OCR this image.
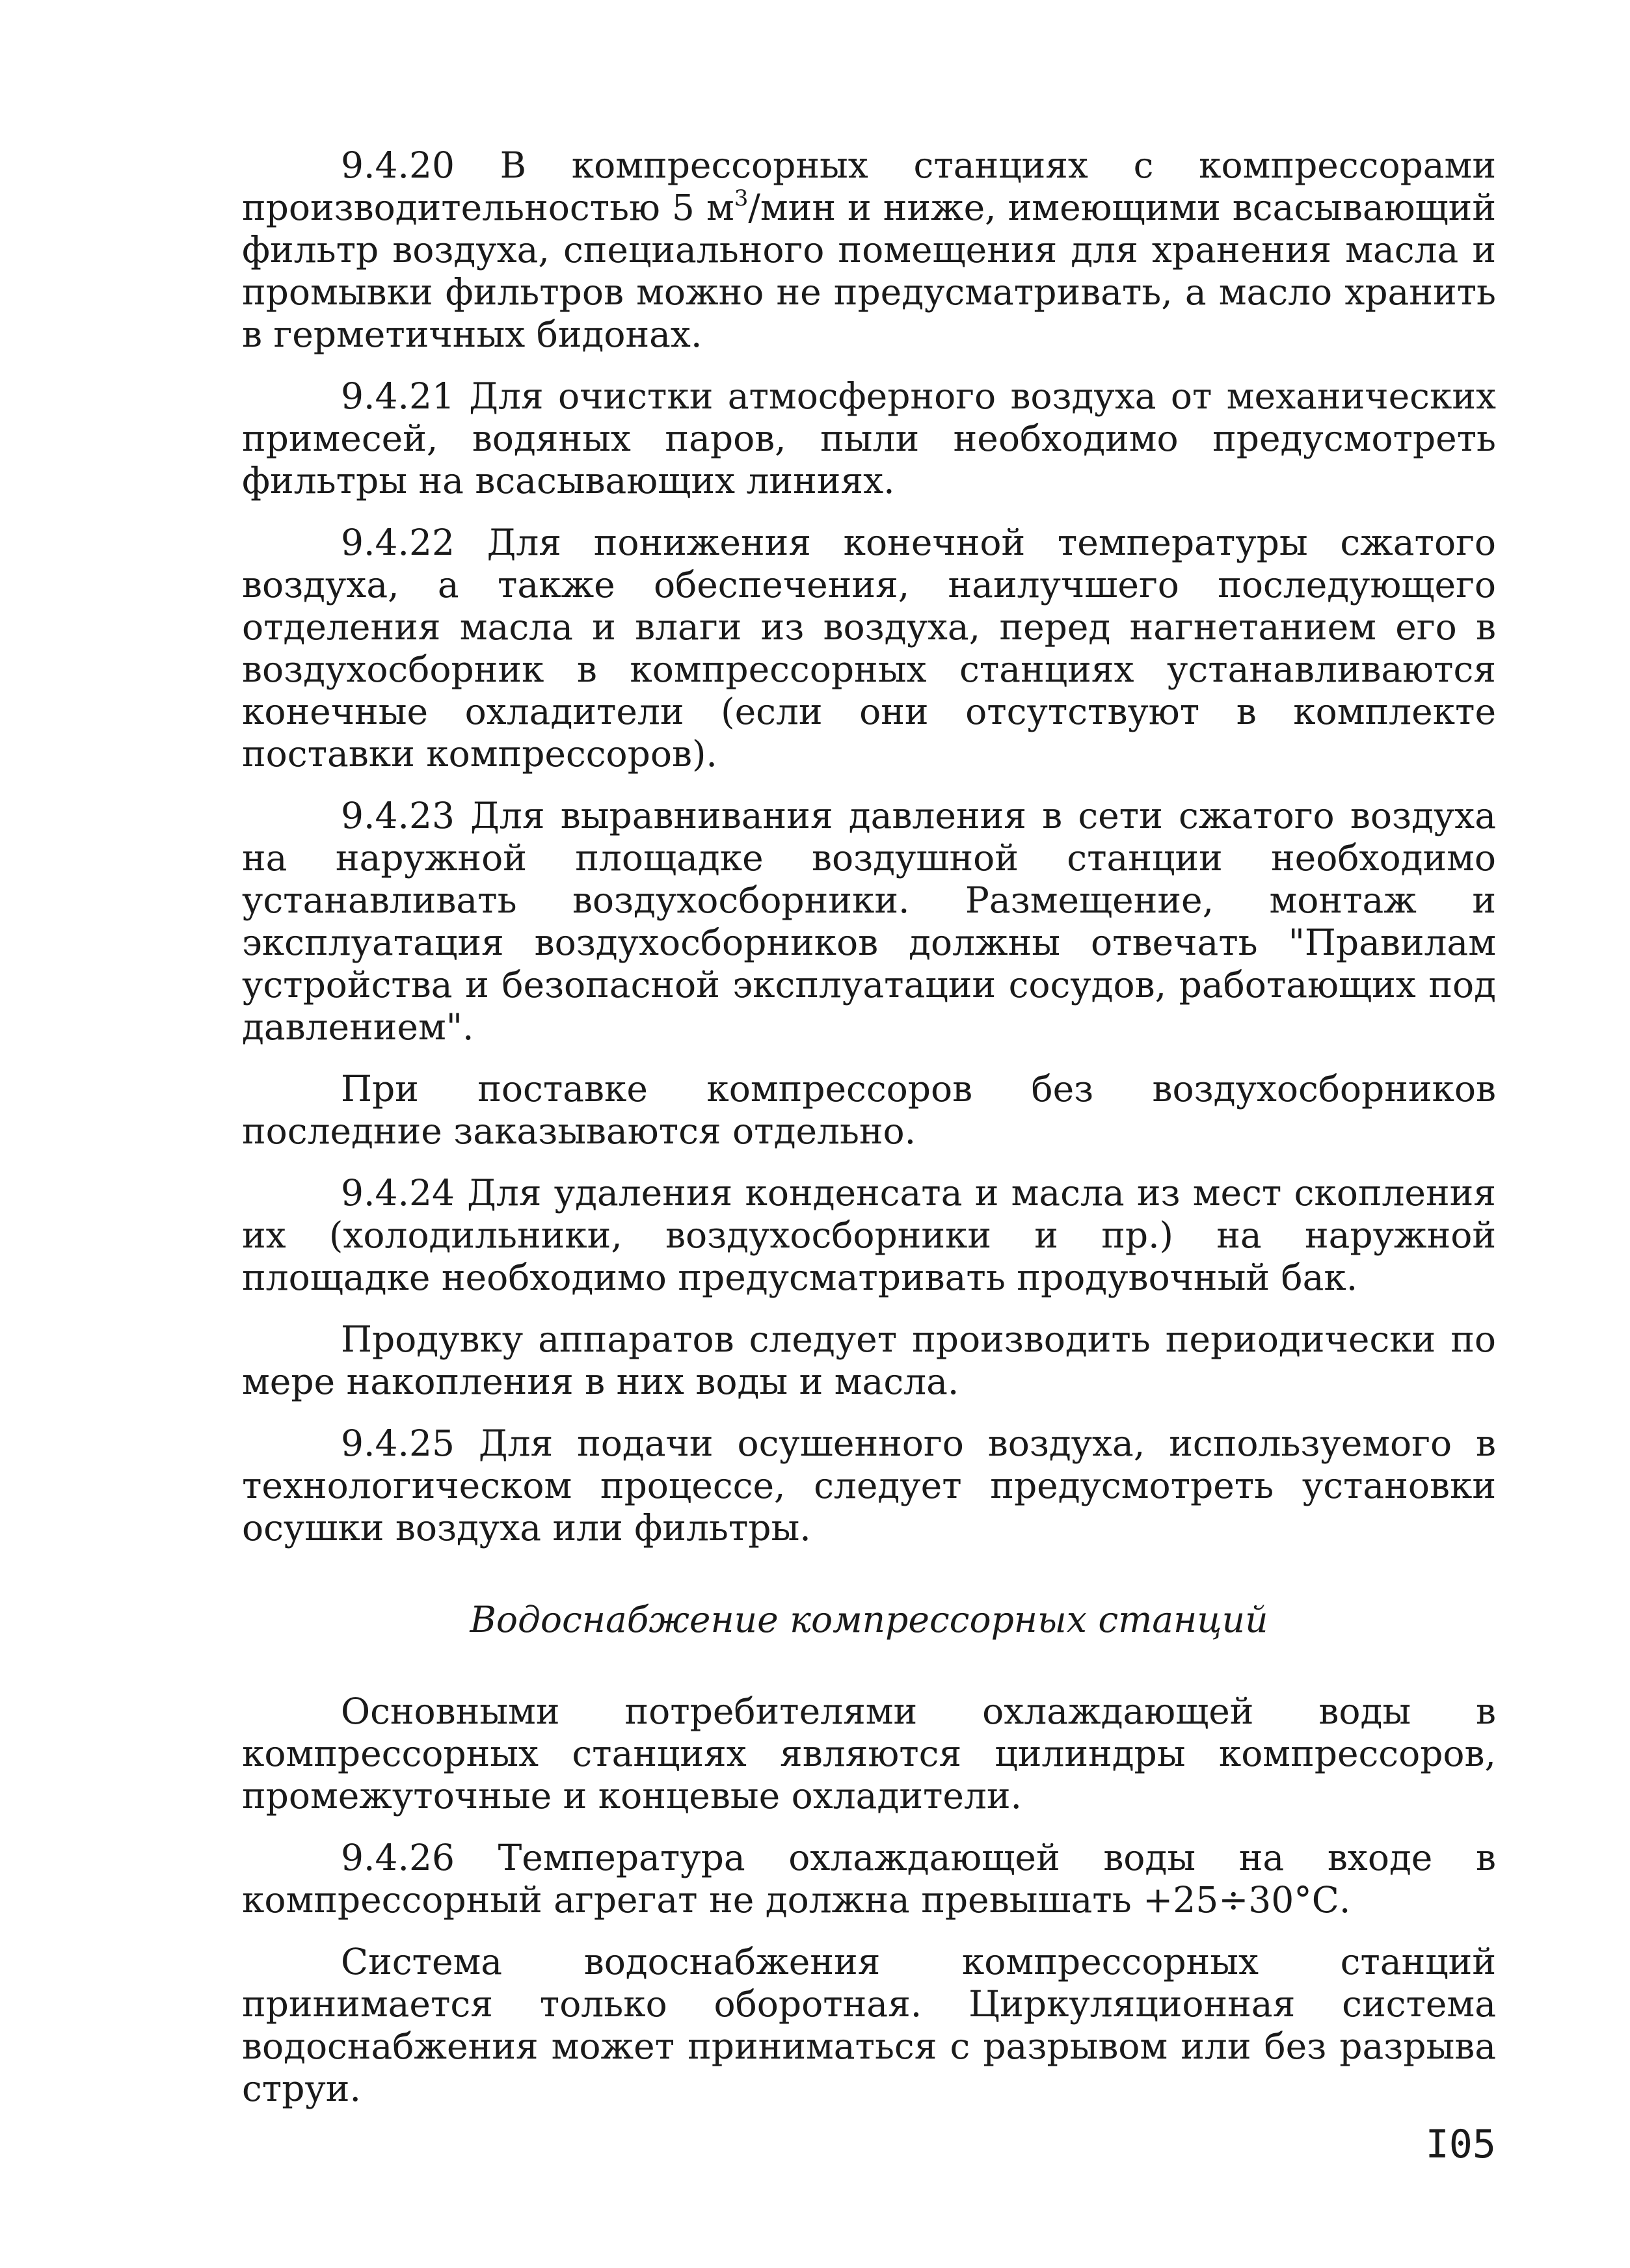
9.4.20 В компрессорных станциях с компрессорами производительностью 5 $м^3$/мин и ниже, имеющими всасывающий фильтр воздуха, специального помещения для хранения масла и промывки фильтров можно не предусматривать, а масло хранить в герметичных бидонах.

9.4.21 Для очистки атмосферного воздуха от механических примесей, водяных паров, пыли необходимо предусмотреть фильтры на всасывающих линиях.

9.4.22 Для понижения конечной температуры сжатого воздуха, а также обеспечения, наилучшего последующего отделения масла и влаги из воздуха, перед нагнетанием его в воздухосборник в компрессорных станциях устанавливаются конечные охладители (если они отсутствуют в комплекте поставки компрессоров).

9.4.23 Для выравнивания давления в сети сжатого воздуха на наружной площадке воздушной станции необходимо устанавливать воздухосборники. Размещение, монтаж и эксплуатация воздухосборников должны отвечать "Правилам устройства и безопасной эксплуатации сосудов, работающих под давлением".

При поставке компрессоров без воздухосборников последние заказываются отдельно.

9.4.24 Для удаления конденсата и масла из мест скопления их (холодильники, воздухосборники и пр.) на наружной площадке необходимо предусматривать продувочный бак.

Продувку аппаратов следует производить периодически по мере накопления в них воды и масла.

9.4.25 Для подачи осушенного воздуха, используемого в технологическом процессе, следует предусмотреть установки осушки воздуха или фильтры.

Водоснабжение компрессорных станций

Основными потребителями охлаждающей воды в компрессорных станциях являются цилиндры компрессоров, промежуточные и концевые охладители.

9.4.26 Температура охлаждающей воды на входе в компрессорный агрегат не должна превышать +25÷30°С.

Система водоснабжения компрессорных станций принимается только оборотная. Циркуляционная система водоснабжения может приниматься с разрывом или без разрыва струи.

I05
